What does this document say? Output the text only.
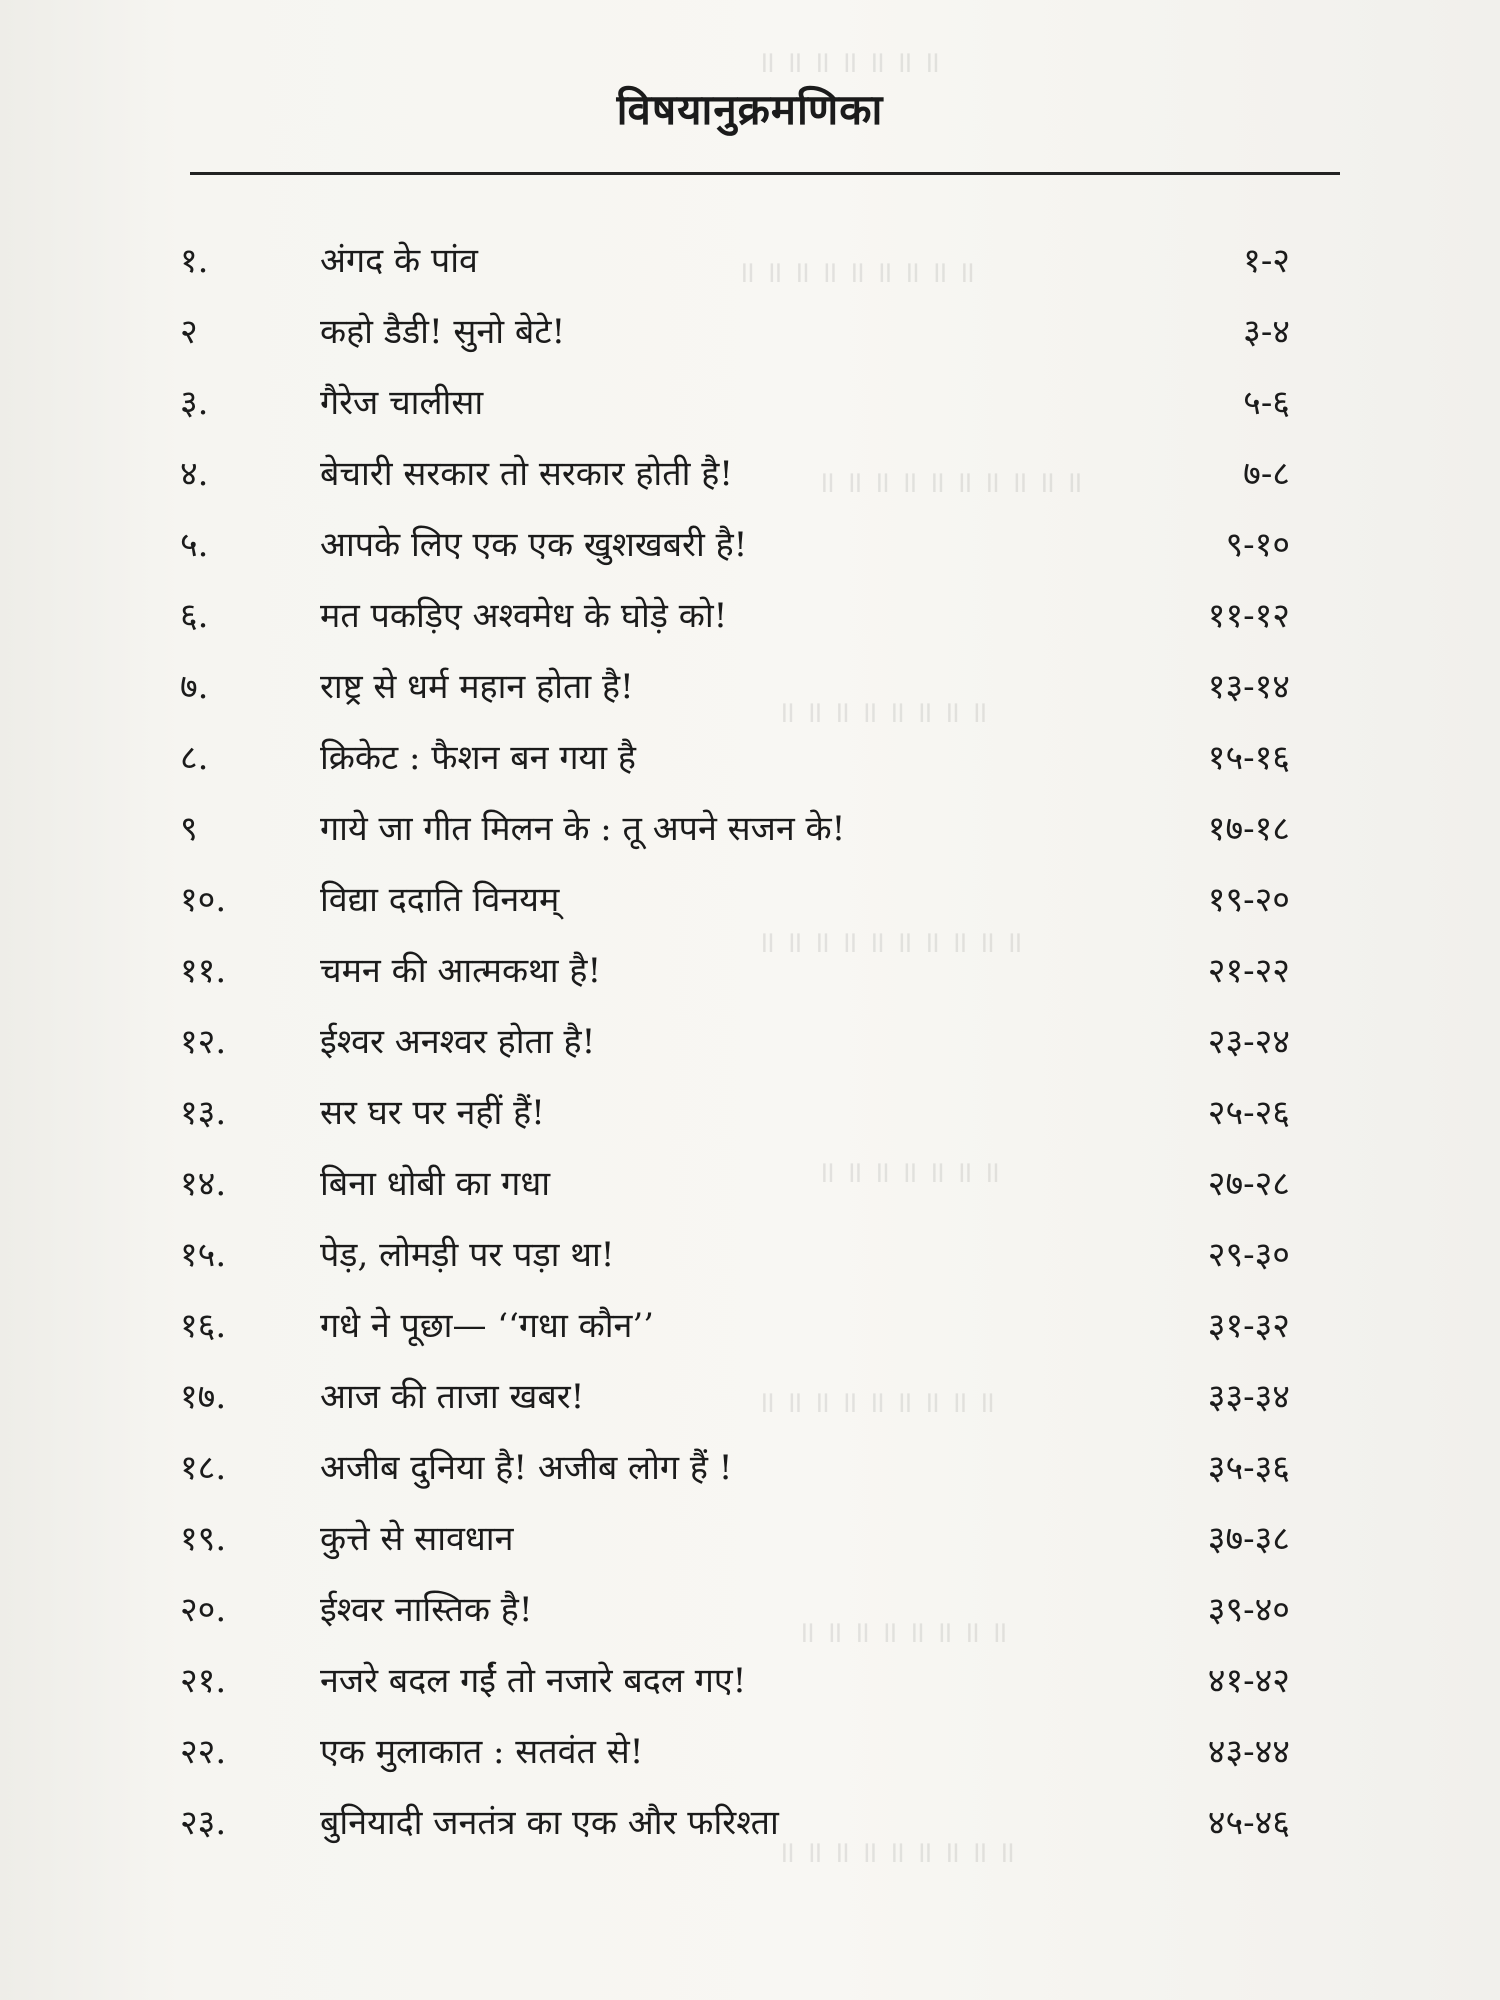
॥ ॥ ॥ ॥ ॥ ॥ ॥
॥ ॥ ॥ ॥ ॥ ॥ ॥ ॥ ॥
॥ ॥ ॥ ॥ ॥ ॥ ॥ ॥ ॥ ॥
॥ ॥ ॥ ॥ ॥ ॥ ॥ ॥
॥ ॥ ॥ ॥ ॥ ॥ ॥ ॥ ॥ ॥
॥ ॥ ॥ ॥ ॥ ॥ ॥
॥ ॥ ॥ ॥ ॥ ॥ ॥ ॥ ॥
॥ ॥ ॥ ॥ ॥ ॥ ॥ ॥
॥ ॥ ॥ ॥ ॥ ॥ ॥ ॥ ॥
विषयानुक्रमणिका
१.	अंगद के पांव	१-२
२	कहो डैडी! सुनो बेटे!	३-४
३.	गैरेज चालीसा	५-६
४.	बेचारी सरकार तो सरकार होती है!	७-८
५.	आपके लिए एक एक खुशखबरी है!	९-१०
६.	मत पकड़िए अश्वमेध के घोड़े को!	११-१२
७.	राष्ट्र से धर्म महान होता है!	१३-१४
८.	क्रिकेट : फैशन बन गया है	१५-१६
९	गाये जा गीत मिलन के : तू अपने सजन के!	१७-१८
१०.	विद्या ददाति विनयम्	१९-२०
११.	चमन की आत्मकथा है!	२१-२२
१२.	ईश्वर अनश्वर होता है!	२३-२४
१३.	सर घर पर नहीं हैं!	२५-२६
१४.	बिना धोबी का गधा	२७-२८
१५.	पेड़, लोमड़ी पर पड़ा था!	२९-३०
१६.	गधे ने पूछा— ‘‘गधा कौन’’	३१-३२
१७.	आज की ताजा खबर!	३३-३४
१८.	अजीब दुनिया है! अजीब लोग हैं !	३५-३६
१९.	कुत्ते से सावधान	३७-३८
२०.	ईश्वर नास्तिक है!	३९-४०
२१.	नजरे बदल गईं तो नजारे बदल गए!	४१-४२
२२.	एक मुलाकात : सतवंत से!	४३-४४
२३.	बुनियादी जनतंत्र का एक और फरिश्ता	४५-४६
